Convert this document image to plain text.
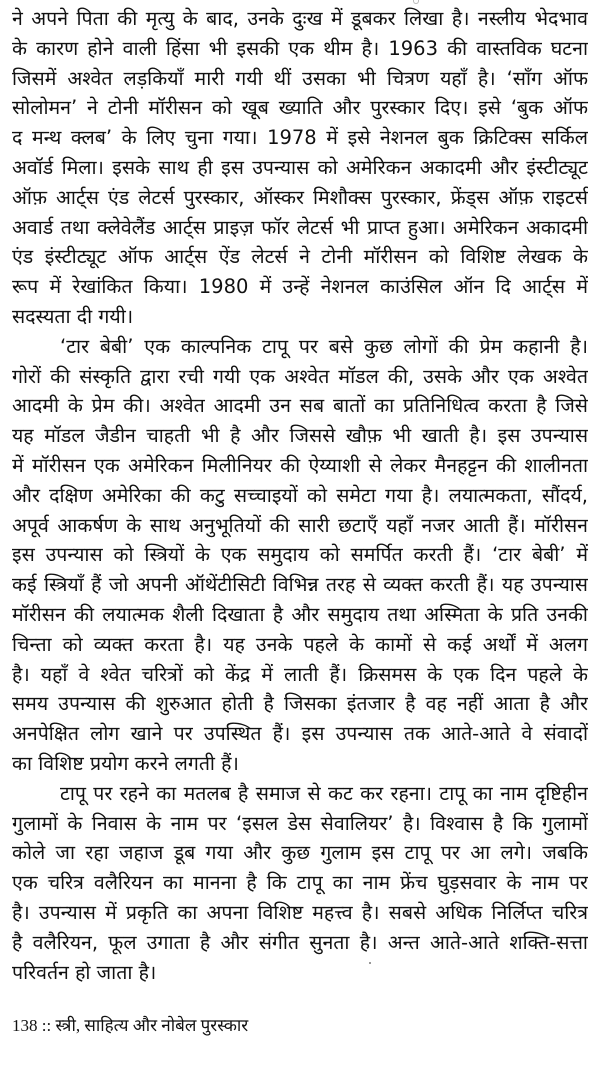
ने अपने पिता की मृत्यु के बाद, उनके दुःख में डूबकर लिखा है। नस्लीय भेदभाव
के कारण होने वाली हिंसा भी इसकी एक थीम है। 1963 की वास्तविक घटना
जिसमें अश्वेत लड़कियाँ मारी गयी थीं उसका भी चित्रण यहाँ है। ‘साँग ऑफ
सोलोमन’ ने टोनी मॉरीसन को खूब ख्याति और पुरस्कार दिए। इसे ‘बुक ऑफ
द मन्थ क्लब’ के लिए चुना गया। 1978 में इसे नेशनल बुक क्रिटिक्स सर्किल
अवॉर्ड मिला। इसके साथ ही इस उपन्यास को अमेरिकन अकादमी और इंस्टीट्यूट
ऑफ़ आर्ट्स एंड लेटर्स पुरस्कार, ऑस्कर मिशौक्स पुरस्कार, फ्रेंड्स ऑफ़ राइटर्स
अवार्ड तथा क्लेवेलैंड आर्ट्स प्राइज़ फॉर लेटर्स भी प्राप्त हुआ। अमेरिकन अकादमी
एंड इंस्टीट्यूट ऑफ आर्ट्स ऐंड लेटर्स ने टोनी मॉरीसन को विशिष्ट लेखक के
रूप में रेखांकित किया। 1980 में उन्हें नेशनल काउंसिल ऑन दि आर्ट्स में
सदस्यता दी गयी।
‘टार बेबी’ एक काल्पनिक टापू पर बसे कुछ लोगों की प्रेम कहानी है।
गोरों की संस्कृति द्वारा रची गयी एक अश्वेत मॉडल की, उसके और एक अश्वेत
आदमी के प्रेम की। अश्वेत आदमी उन सब बातों का प्रतिनिधित्व करता है जिसे
यह मॉडल जैडीन चाहती भी है और जिससे खौफ़ भी खाती है। इस उपन्यास
में मॉरीसन एक अमेरिकन मिलीनियर की ऐय्याशी से लेकर मैनहट्टन की शालीनता
और दक्षिण अमेरिका की कटु सच्चाइयों को समेटा गया है। लयात्मकता, सौंदर्य,
अपूर्व आकर्षण के साथ अनुभूतियों की सारी छटाएँ यहाँ नजर आती हैं। मॉरीसन
इस उपन्यास को स्त्रियों के एक समुदाय को समर्पित करती हैं। ‘टार बेबी’ में
कई स्त्रियाँ हैं जो अपनी ऑथेंटीसिटी विभिन्न तरह से व्यक्त करती हैं। यह उपन्यास
मॉरीसन की लयात्मक शैली दिखाता है और समुदाय तथा अस्मिता के प्रति उनकी
चिन्ता को व्यक्त करता है। यह उनके पहले के कामों से कई अर्थों में अलग
है। यहाँ वे श्वेत चरित्रों को केंद्र में लाती हैं। क्रिसमस के एक दिन पहले के
समय उपन्यास की शुरुआत होती है जिसका इंतजार है वह नहीं आता है और
अनपेक्षित लोग खाने पर उपस्थित हैं। इस उपन्यास तक आते-आते वे संवादों
का विशिष्ट प्रयोग करने लगती हैं।
टापू पर रहने का मतलब है समाज से कट कर रहना। टापू का नाम दृष्टिहीन
गुलामों के निवास के नाम पर ‘इसल डेस सेवालियर’ है। विश्वास है कि गुलामों
कोले जा रहा जहाज डूब गया और कुछ गुलाम इस टापू पर आ लगे। जबकि
एक चरित्र वलैरियन का मानना है कि टापू का नाम फ्रेंच घुड़सवार के नाम पर
है। उपन्यास में प्रकृति का अपना विशिष्ट महत्त्व है। सबसे अधिक निर्लिप्त चरित्र
है वलैरियन, फूल उगाता है और संगीत सुनता है। अन्त आते-आते शक्ति-सत्ता
परिवर्तन हो जाता है।
138 :: स्त्री, साहित्य और नोबेल पुरस्कार
